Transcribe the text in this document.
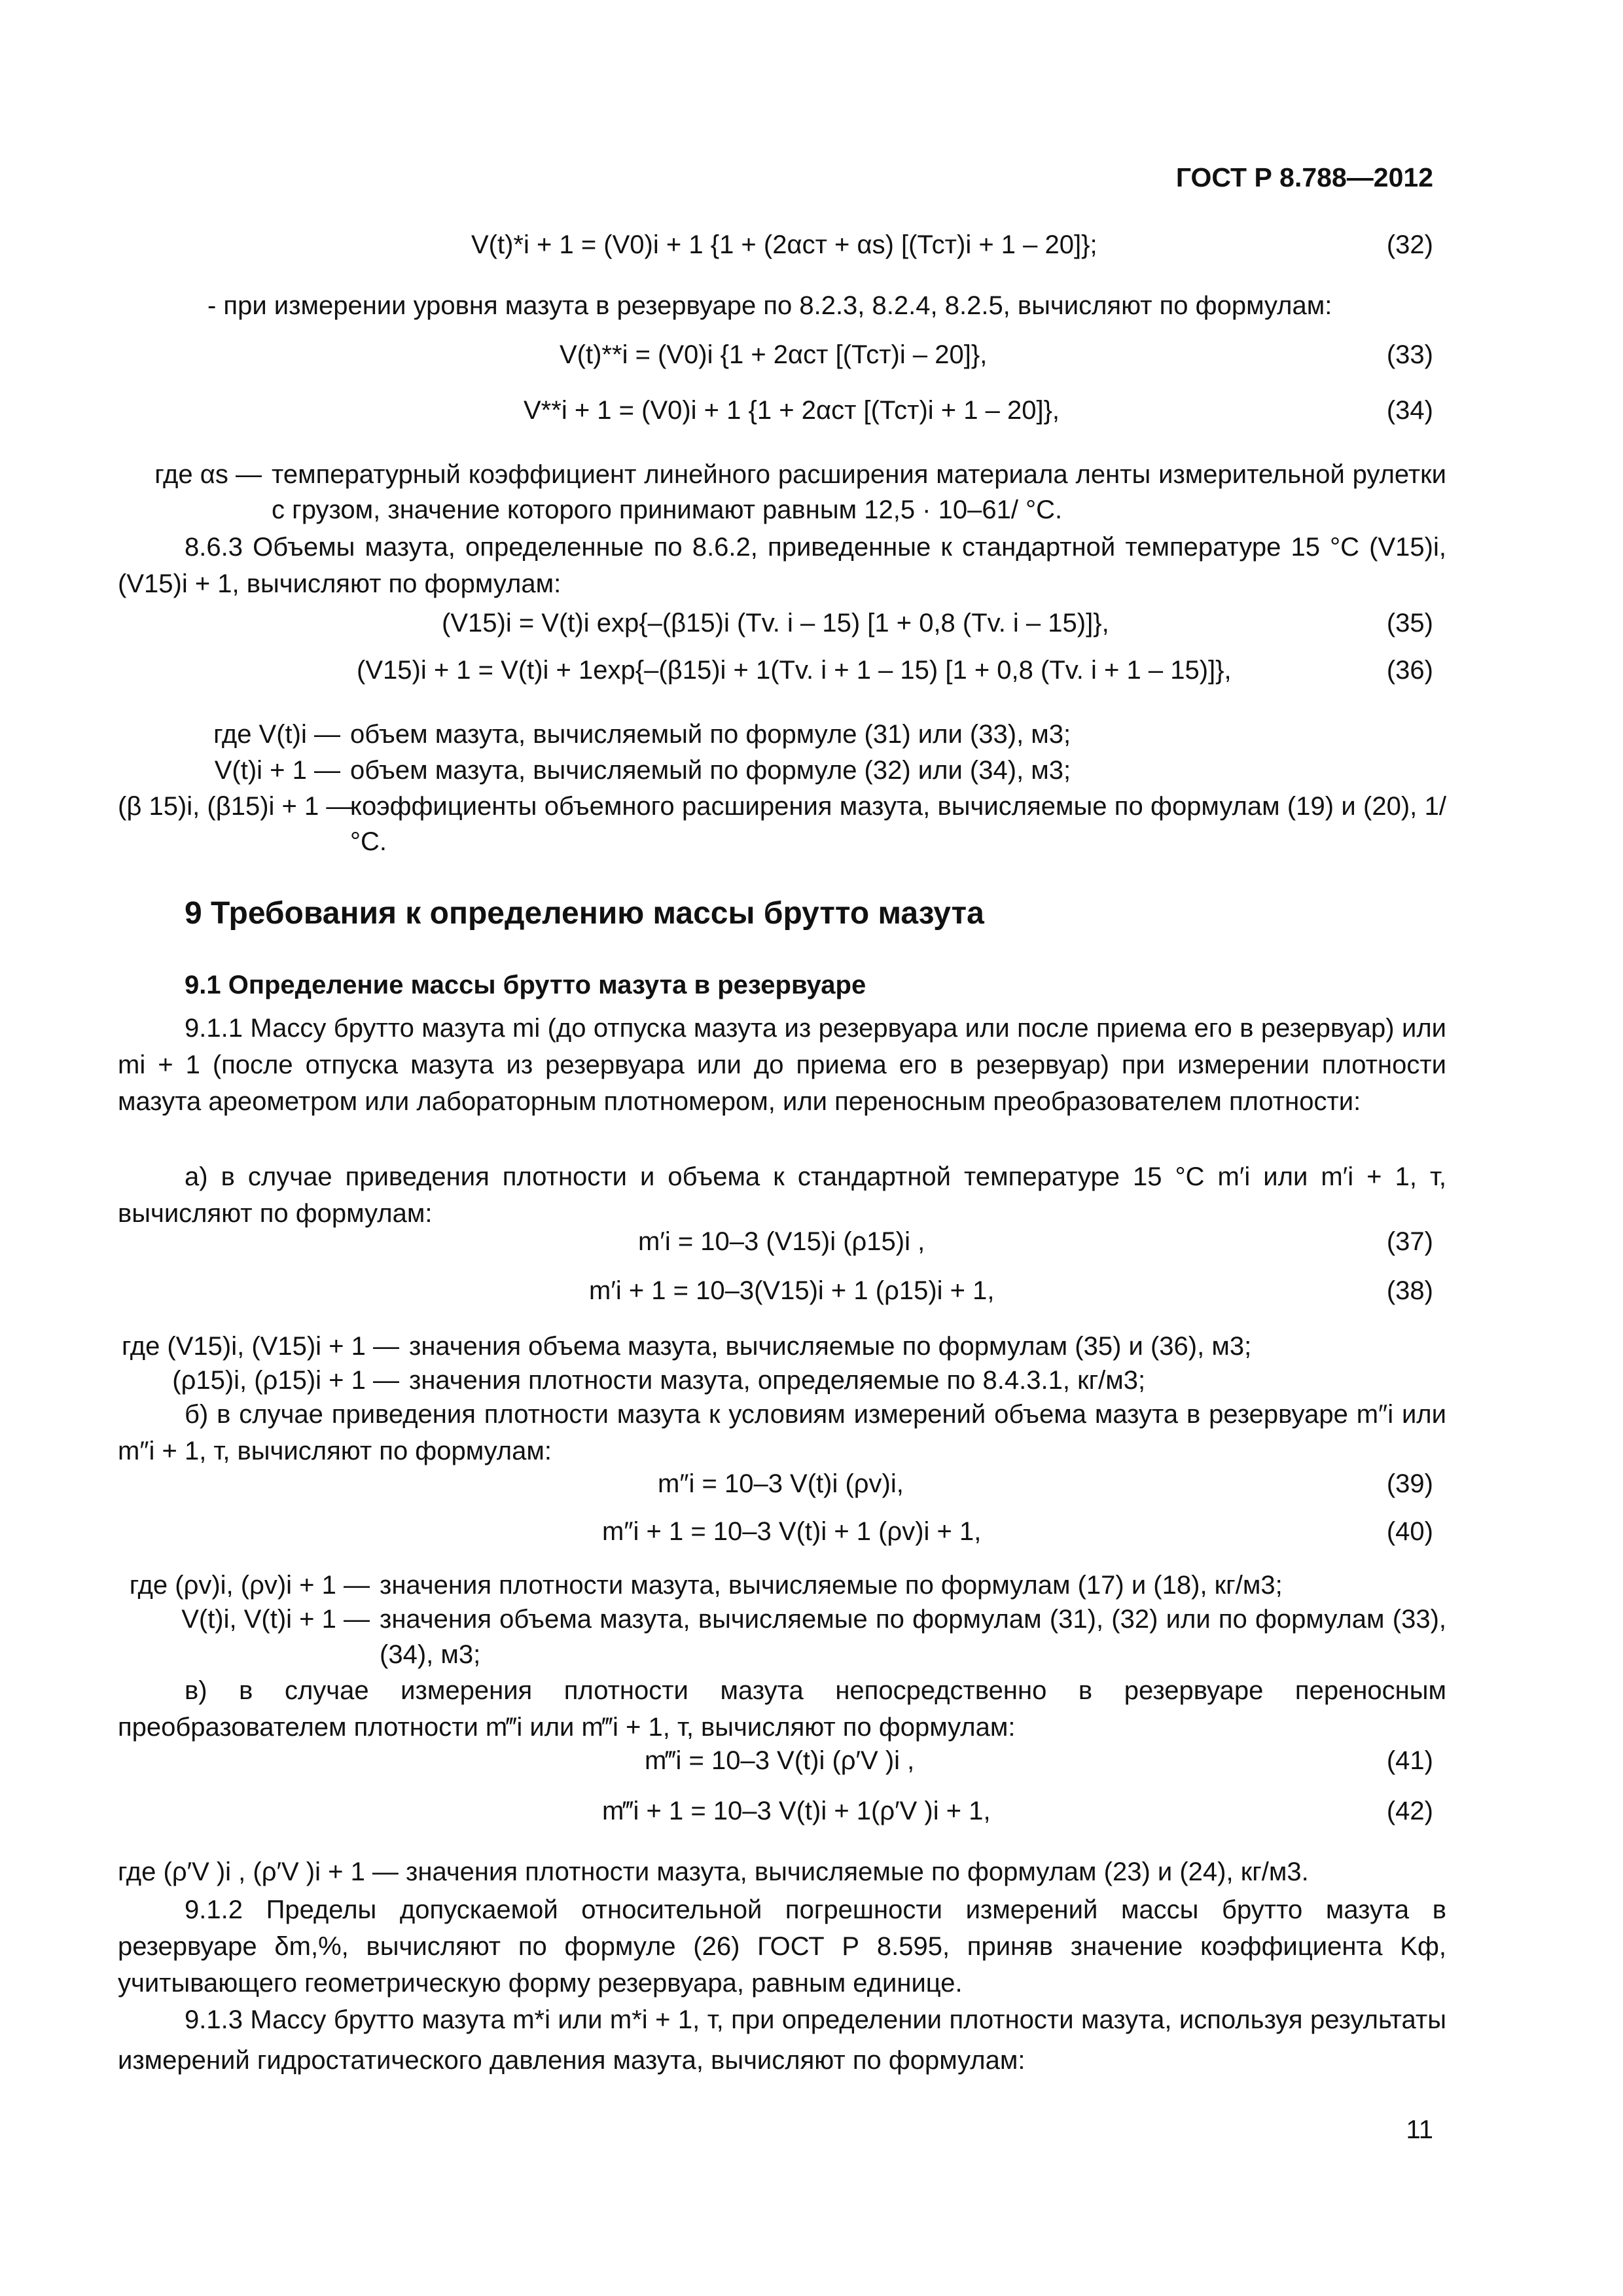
ГОСТ Р 8.788—2012
V(t)*i + 1 = (V0)i + 1 {1 + (2αст + αs) [(Тст)i + 1 – 20]};	(32)
- при измерении уровня мазута в резервуаре по 8.2.3, 8.2.4, 8.2.5, вычисляют по формулам:
V(t)**i = (V0)i {1 + 2αст [(Тст)i – 20]},	(33)
V**i + 1 = (V0)i + 1 {1 + 2αст [(Тст)i + 1 – 20]},	(34)
где αs — температурный коэффициент линейного расширения материала ленты измерительной рулетки с грузом, значение которого принимают равным 12,5 · 10–61/ °С.
8.6.3 Объемы мазута, определенные по 8.6.2, приведенные к стандартной температуре 15 °С (V15)i, (V15)i + 1, вычисляют по формулам:
(V15)i = V(t)i exp{–(β15)i (Tv. i – 15) [1 + 0,8 (Tv. i – 15)]},	(35)
(V15)i + 1 = V(t)i + 1exp{–(β15)i + 1(Tv. i + 1 – 15) [1 + 0,8 (Tv. i + 1 – 15)]},	(36)
где V(t)i — объем мазута, вычисляемый по формуле (31) или (33), м3;
V(t)i + 1 — объем мазута, вычисляемый по формуле (32) или (34), м3;
(β 15)i, (β15)i + 1 —
коэффициенты объемного расширения мазута, вычисляемые по формулам (19) и (20), 1/ °С.
9 Требования к определению массы брутто мазута
9.1 Определение массы брутто мазута в резервуаре
9.1.1 Массу брутто мазута mi (до отпуска мазута из резервуара или после приема его в резервуар) или mi + 1 (после отпуска мазута из резервуара или до приема его в резервуар) при измерении плотности мазута ареометром или лабораторным плотномером, или переносным преобразователем плотности:
а) в случае приведения плотности и объема к стандартной температуре 15 °С m′i или m′i + 1, т, вычисляют по формулам:
m′i = 10–3 (V15)i (ρ15)i ,	(37)
m′i + 1 = 10–3(V15)i + 1 (ρ15)i + 1,	(38)
где (V15)i, (V15)i + 1 — значения объема мазута, вычисляемые по формулам (35) и (36), м3;
(ρ15)i, (ρ15)i + 1 — значения плотности мазута, определяемые по 8.4.3.1, кг/м3;
б) в случае приведения плотности мазута к условиям измерений объема мазута в резервуаре m″i или m″i + 1, т, вычисляют по формулам:
m″i = 10–3 V(t)i (ρv)i,	(39)
m″i + 1 = 10–3 V(t)i + 1 (ρv)i + 1,	(40)
где (ρv)i, (ρv)i + 1 — значения плотности мазута, вычисляемые по формулам (17) и (18), кг/м3;
V(t)i, V(t)i + 1 — значения объема мазута, вычисляемые по формулам (31), (32) или по формулам (33), (34), м3;
в) в случае измерения плотности мазута непосредственно в резервуаре переносным преобразователем плотности m‴i или m‴i + 1, т, вычисляют по формулам:
m‴i = 10–3 V(t)i (ρ′V )i ,	(41)
m‴i + 1 = 10–3 V(t)i + 1(ρ′V )i + 1,	(42)
где (ρ′V )i , (ρ′V )i + 1 — значения плотности мазута, вычисляемые по формулам (23) и (24), кг/м3.
9.1.2 Пределы допускаемой относительной погрешности измерений массы брутто мазута в резервуаре δm,%, вычисляют по формуле (26) ГОСТ Р 8.595, приняв значение коэффициента Kф, учитывающего геометрическую форму резервуара, равным единице.
9.1.3 Массу брутто мазута m*i или m*i + 1, т, при определении плотности мазута, используя результаты измерений гидростатического давления мазута, вычисляют по формулам:
11
